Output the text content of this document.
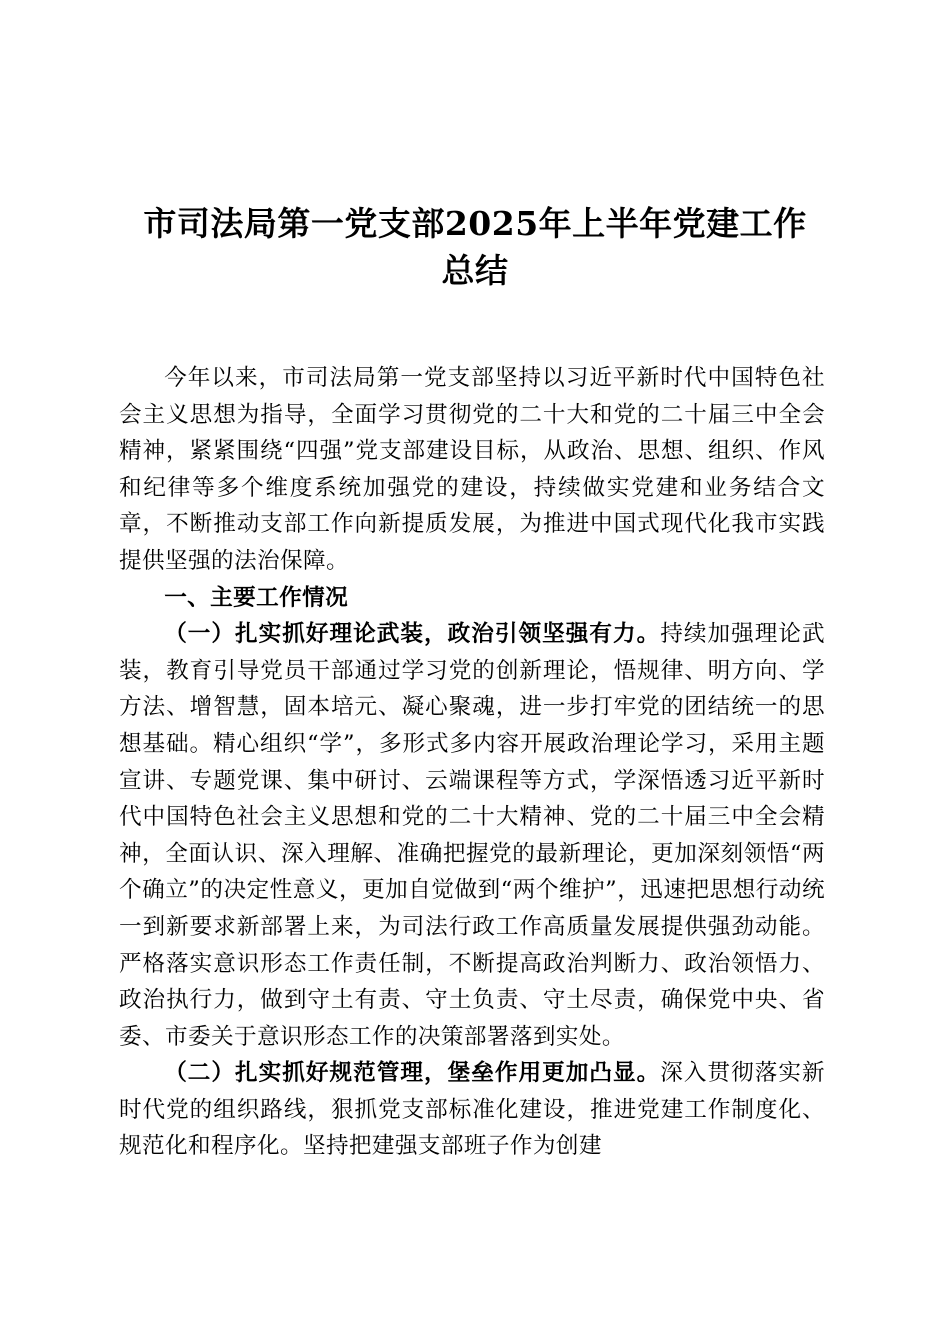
市司法局第一党支部2025年上半年党建工作
总结

今年以来，市司法局第一党支部坚持以习近平新时代中国特色社会主义思想为指导，全面学习贯彻党的二十大和党的二十届三中全会精神，紧紧围绕“四强”党支部建设目标，从政治、思想、组织、作风和纪律等多个维度系统加强党的建设，持续做实党建和业务结合文章，不断推动支部工作向新提质发展，为推进中国式现代化我市实践提供坚强的法治保障。

一、主要工作情况

（一）扎实抓好理论武装，政治引领坚强有力。持续加强理论武装，教育引导党员干部通过学习党的创新理论，悟规律、明方向、学方法、增智慧，固本培元、凝心聚魂，进一步打牢党的团结统一的思想基础。精心组织“学”，多形式多内容开展政治理论学习，采用主题宣讲、专题党课、集中研讨、云端课程等方式，学深悟透习近平新时代中国特色社会主义思想和党的二十大精神、党的二十届三中全会精神，全面认识、深入理解、准确把握党的最新理论，更加深刻领悟“两个确立”的决定性意义，更加自觉做到“两个维护”，迅速把思想行动统一到新要求新部署上来，为司法行政工作高质量发展提供强劲动能。严格落实意识形态工作责任制，不断提高政治判断力、政治领悟力、政治执行力，做到守土有责、守土负责、守土尽责，确保党中央、省委、市委关于意识形态工作的决策部署落到实处。

（二）扎实抓好规范管理，堡垒作用更加凸显。深入贯彻落实新时代党的组织路线，狠抓党支部标准化建设，推进党建工作制度化、规范化和程序化。坚持把建强支部班子作为创建
